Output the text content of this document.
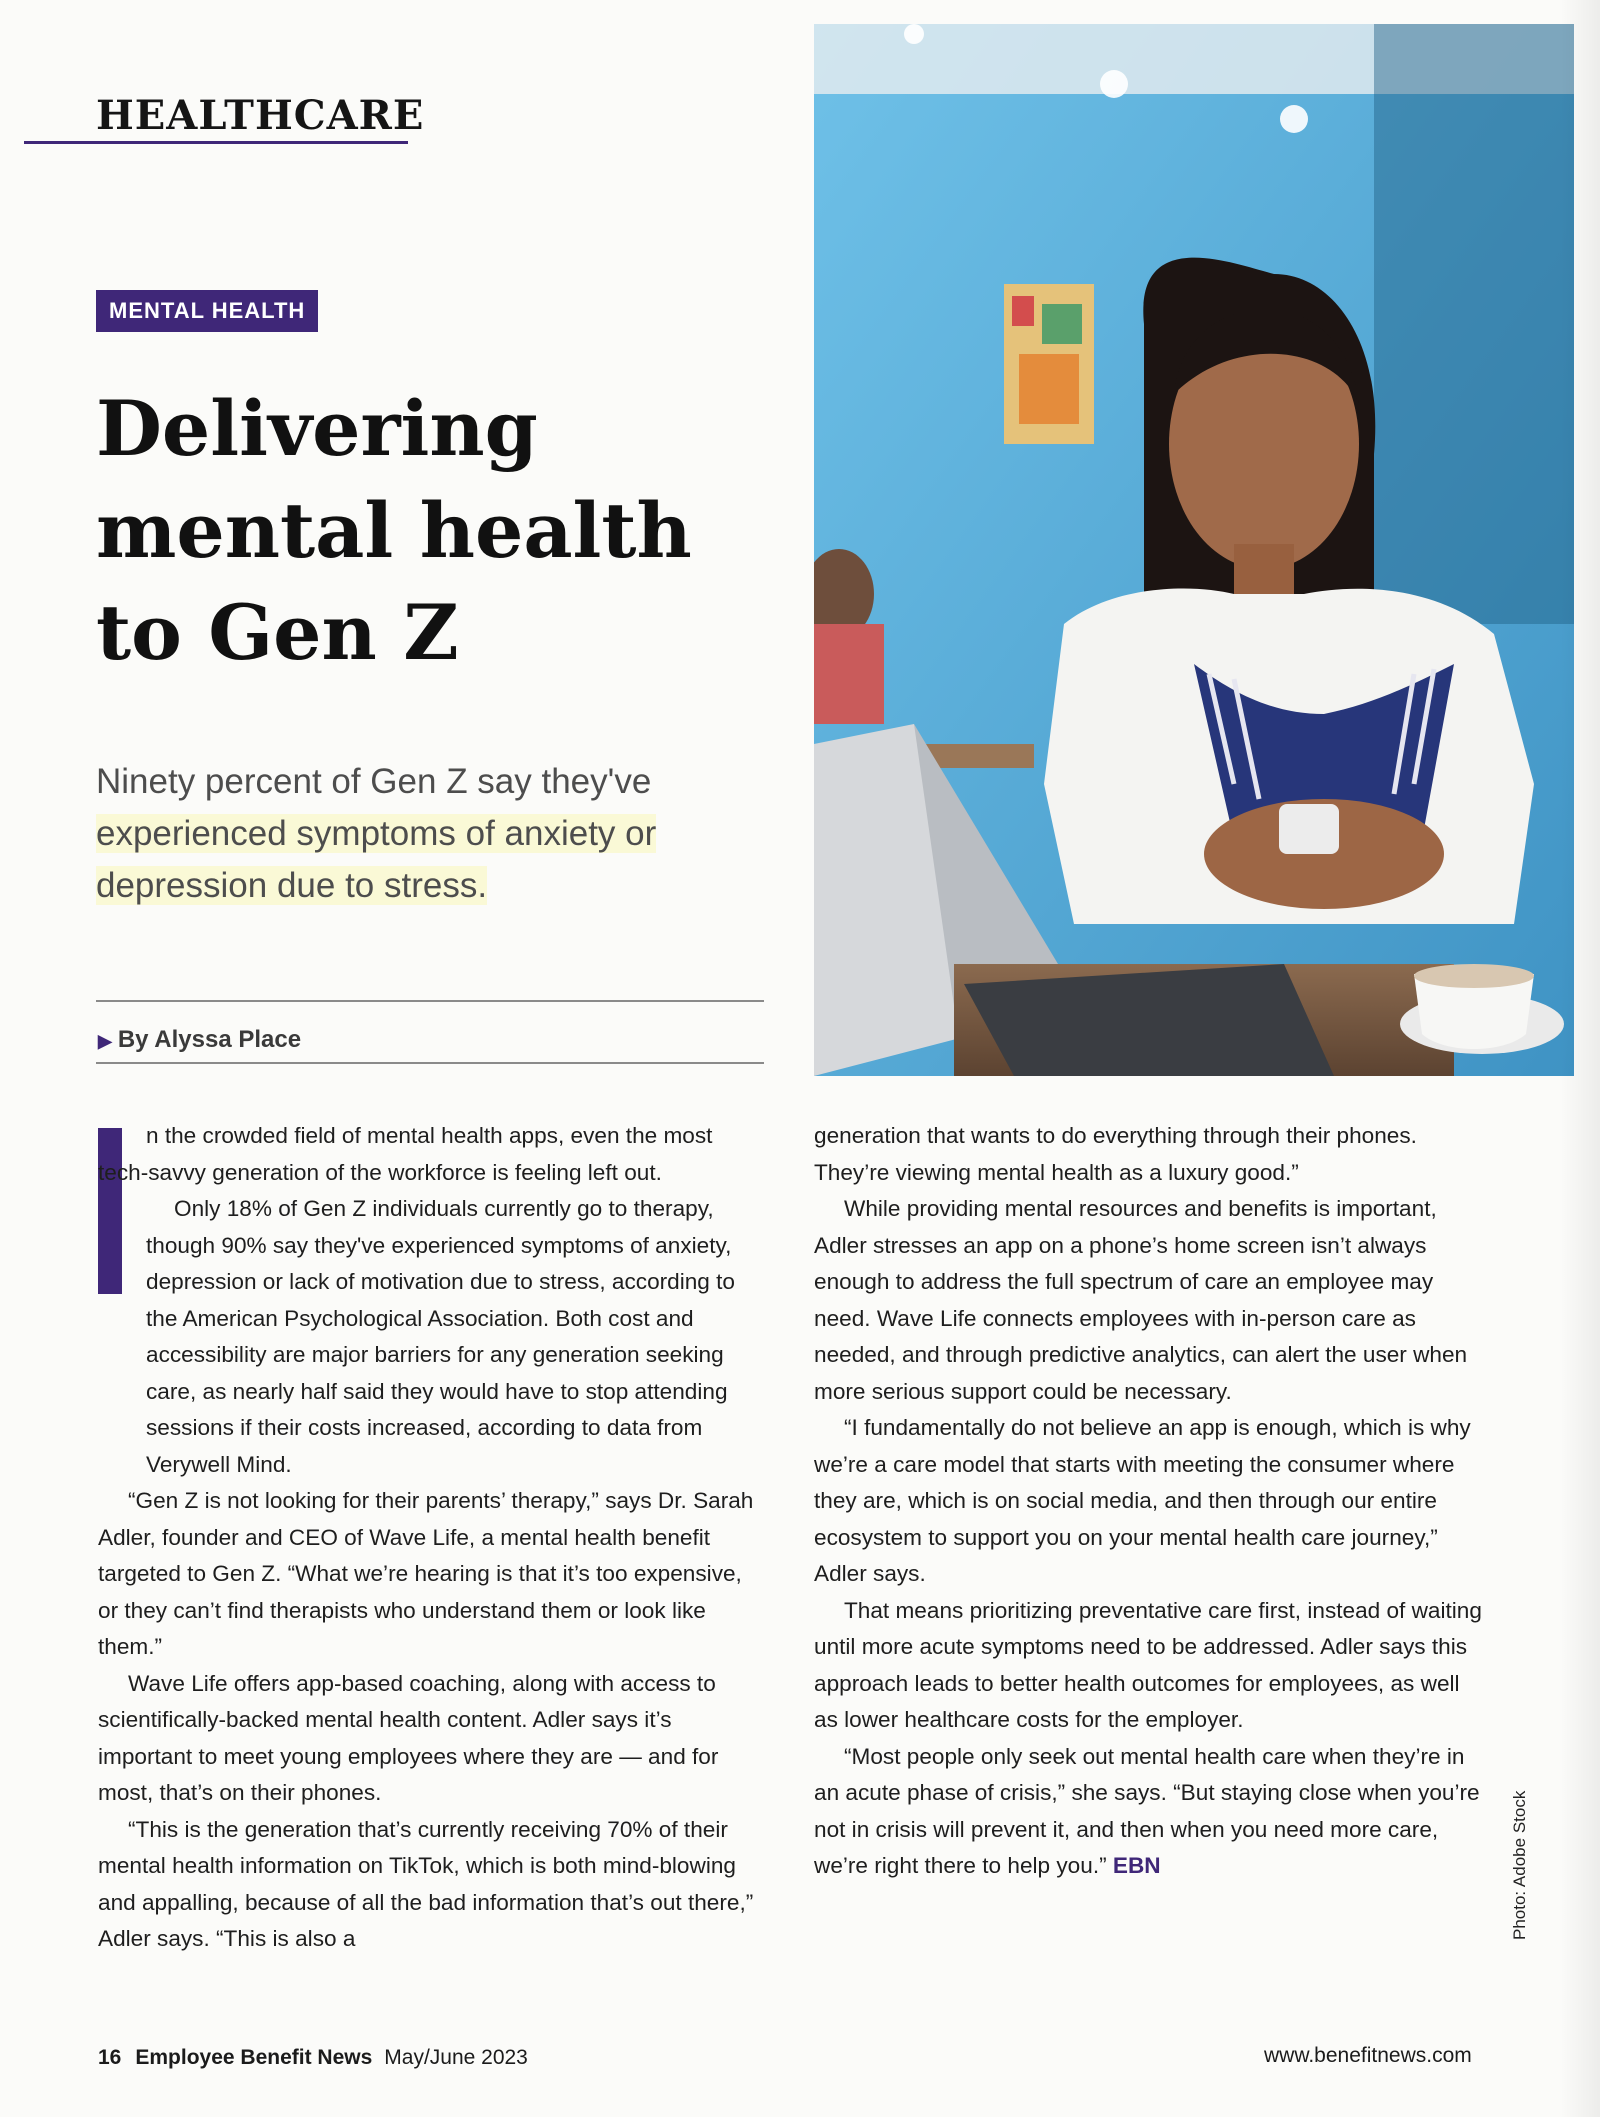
HEALTHCARE
MENTAL HEALTH
Delivering
mental health
to Gen Z

Ninety percent of Gen Z say they've
experienced symptoms of anxiety or
depression due to stress.

▶ By Alyssa Place

n the crowded field of mental health apps, even the most tech-savvy generation of the workforce is feeling left out.

Only 18% of Gen Z individuals currently go to therapy, though 90% say they've experienced symptoms of anxiety, depression or lack of motivation due to stress, according to the American Psychological Association. Both cost and accessibility are major barriers for any generation seeking care, as nearly half said they would have to stop attending sessions if their costs increased, according to data from Verywell Mind.

“Gen Z is not looking for their parents’ therapy,” says Dr. Sarah Adler, founder and CEO of Wave Life, a mental health benefit targeted to Gen Z. “What we’re hearing is that it’s too expensive, or they can’t find therapists who understand them or look like them.”

Wave Life offers app-based coaching, along with access to scientifically-backed mental health content. Adler says it’s important to meet young employees where they are — and for most, that’s on their phones.

“This is the generation that’s currently receiving 70% of their mental health information on TikTok, which is both mind-blowing and appalling, because of all the bad information that’s out there,” Adler says. “This is also a

generation that wants to do everything through their phones. They’re viewing mental health as a luxury good.”

While providing mental resources and benefits is important, Adler stresses an app on a phone’s home screen isn’t always enough to address the full spectrum of care an employee may need. Wave Life connects employees with in-person care as needed, and through predictive analytics, can alert the user when more serious support could be necessary.

“I fundamentally do not believe an app is enough, which is why we’re a care model that starts with meeting the consumer where they are, which is on social media, and then through our entire ecosystem to support you on your mental health care journey,” Adler says.

That means prioritizing preventative care first, instead of waiting until more acute symptoms need to be addressed. Adler says this approach leads to better health outcomes for employees, as well as lower healthcare costs for the employer.

“Most people only seek out mental health care when they’re in an acute phase of crisis,” she says. “But staying close when you’re not in crisis will prevent it, and then when you need more care, we’re right there to help you.” EBN	Photo: Adobe Stock
16 Employee Benefit News May/June 2023	www.benefitnews.com
